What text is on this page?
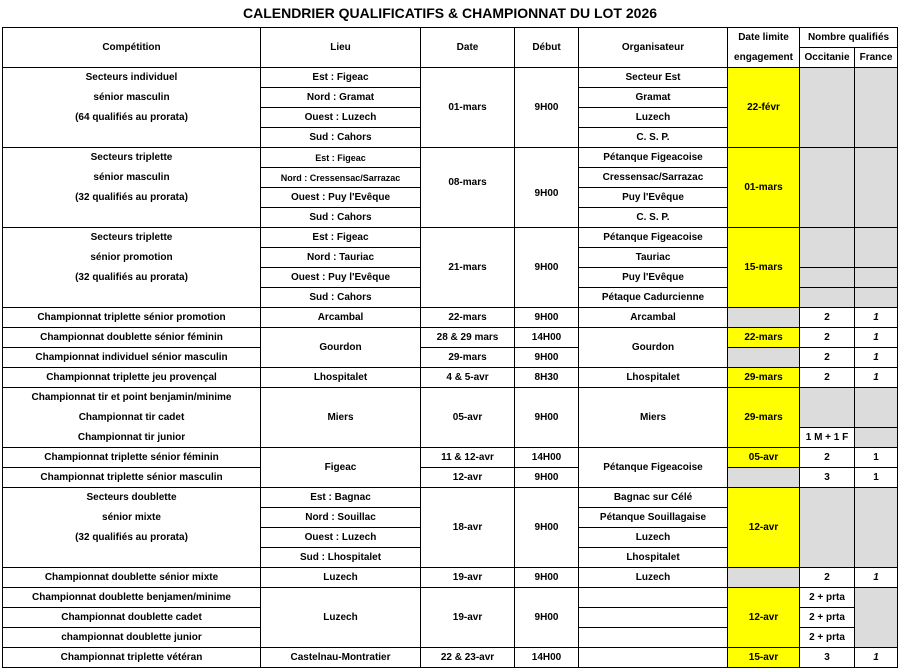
CALENDRIER QUALIFICATIFS & CHAMPIONNAT DU LOT 2026
Compétition	Lieu	Date	Début	Organisateur	Date limite	Nombre qualifiés	
					engagement	Occitanie	France
Secteurs individuel	Est : Figeac	01-mars	9H00	Secteur Est	22-févr		
sénior masculin	Nord : Gramat			Gramat			
(64 qualifiés au prorata)	Ouest : Luzech			Luzech			
	Sud : Cahors			C. S. P.			
Secteurs triplette	Est : Figeac	08-mars		Pétanque Figeacoise	01-mars		
sénior masculin	Nord : Cressensac/Sarrazac			Cressensac/Sarrazac			
(32 qualifiés au prorata)	Ouest : Puy l'Evêque		9H00	Puy l'Evêque			
	Sud : Cahors			C. S. P.			
Secteurs triplette	Est : Figeac	21-mars	9H00	Pétanque Figeacoise	15-mars		
sénior promotion	Nord : Tauriac			Tauriac			
(32 qualifiés au prorata)	Ouest : Puy l'Evêque			Puy l'Evêque			
	Sud : Cahors			Pétaque Cadurcienne			
Championnat triplette sénior promotion	Arcambal	22-mars	9H00	Arcambal		2	1
Championnat doublette sénior féminin	Gourdon	28 & 29 mars	14H00	Gourdon	22-mars	2	1
Championnat individuel sénior masculin		29-mars	9H00			2	1
Championnat triplette jeu provençal	Lhospitalet	4 & 5-avr	8H30	Lhospitalet	29-mars	2	1
Championnat tir et point benjamin/minime	Miers	05-avr	9H00	Miers	29-mars		
Championnat tir cadet							
Championnat tir junior						1 M + 1 F	
Championnat triplette sénior féminin	Figeac	11 & 12-avr	14H00	Pétanque Figeacoise	05-avr	2	1
Championnat triplette sénior masculin		12-avr	9H00			3	1
Secteurs doublette	Est : Bagnac	18-avr	9H00	Bagnac sur Célé	12-avr		
sénior mixte	Nord : Souillac			Pétanque Souillagaise			
(32 qualifiés au prorata)	Ouest : Luzech			Luzech			
	Sud : Lhospitalet			Lhospitalet			
Championnat doublette sénior mixte	Luzech	19-avr	9H00	Luzech		2	1
Championnat doublette benjamen/minime	Luzech	19-avr	9H00		12-avr	2 + prta	
Championnat doublette cadet						2 + prta	
championnat doublette junior						2 + prta	
Championnat triplette vétéran	Castelnau-Montratier	22 & 23-avr	14H00		15-avr	3	1
